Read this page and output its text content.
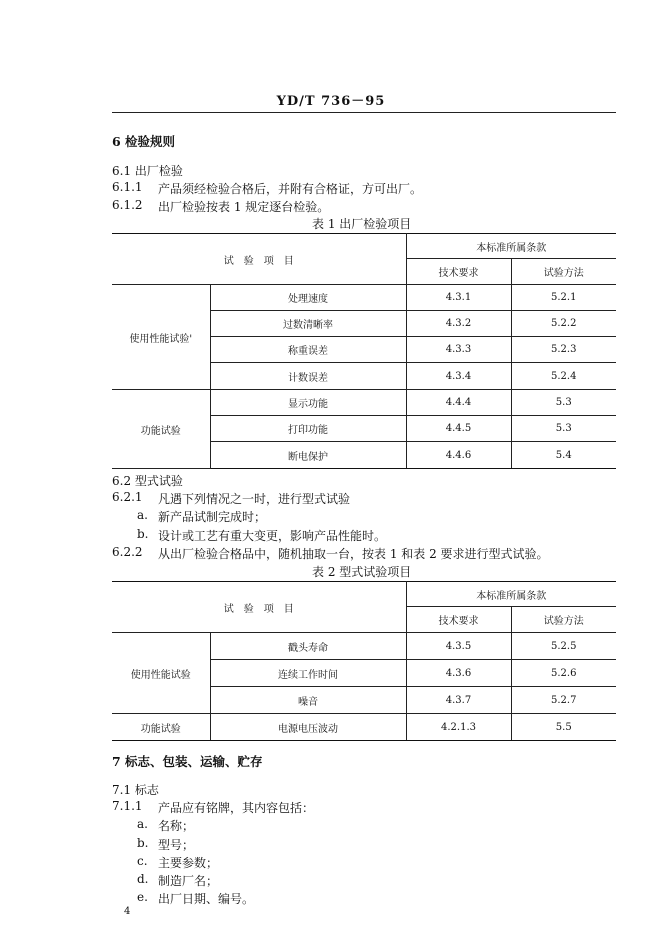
YD/T 736－95
6 检验规则
6.1 出厂检验
6.1.1 产品须经检验合格后，并附有合格证，方可出厂。
6.1.2 出厂检验按表 1 规定逐台检验。
表 1 出厂检验项目
试　验　项　目		本标准所属条款	
		技术要求	试验方法
使用性能试验'	处理速度	4.3.1	5.2.1
	过数清晰率	4.3.2	5.2.2
	称重误差	4.3.3	5.2.3
	计数误差	4.3.4	5.2.4
功能试验	显示功能	4.4.4	5.3
	打印功能	4.4.5	5.3
	断电保护	4.4.6	5.4
6.2 型式试验
6.2.1 凡遇下列情况之一时，进行型式试验
a. 新产品试制完成时；
b. 设计或工艺有重大变更，影响产品性能时。
6.2.2 从出厂检验合格品中，随机抽取一台，按表 1 和表 2 要求进行型式试验。
表 2 型式试验项目
试　验　项　目		本标准所属条款	
		技术要求	试验方法
使用性能试验	戳头寿命	4.3.5	5.2.5
	连续工作时间	4.3.6	5.2.6
	噪音	4.3.7	5.2.7
功能试验	电源电压波动	4.2.1.3	5.5
7 标志、包装、运输、贮存
7.1 标志
7.1.1 产品应有铭牌，其内容包括：
a. 名称；
b. 型号；
c. 主要参数；
d. 制造厂名；
e. 出厂日期、编号。
4
